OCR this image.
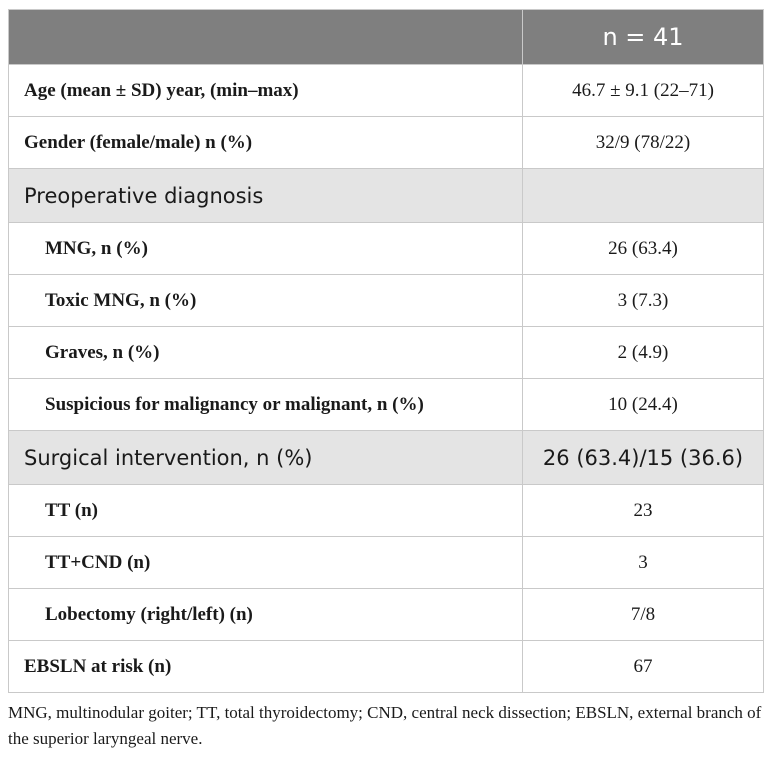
	n = 41
Age (mean ± SD) year, (min–max)	46.7 ± 9.1 (22–71)
Gender (female/male) n (%)	32/9 (78/22)
Preoperative diagnosis	
MNG, n (%)	26 (63.4)
Toxic MNG, n (%)	3 (7.3)
Graves, n (%)	2 (4.9)
Suspicious for malignancy or malignant, n (%)	10 (24.4)
Surgical intervention, n (%)	26 (63.4)/15 (36.6)
TT (n)	23
TT+CND (n)	3
Lobectomy (right/left) (n)	7/8
EBSLN at risk (n)	67
MNG, multinodular goiter; TT, total thyroidectomy; CND, central neck dissection; EBSLN, external branch of the superior laryngeal nerve.
